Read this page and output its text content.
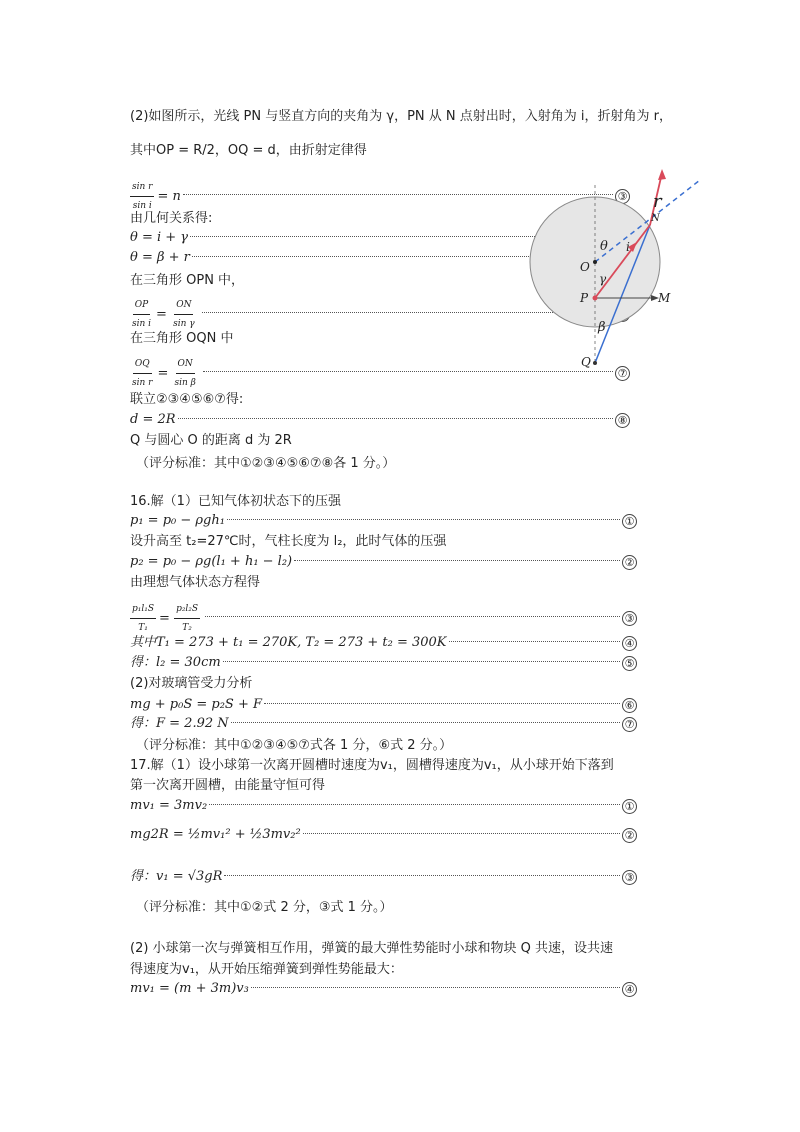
(2)如图所示，光线 PN 与竖直方向的夹角为 γ，PN 从 N 点射出时，入射角为 i，折射角为 r，
其中OP = R/2，OQ = d，由折射定律得
$\frac{\text{sin r}}{\text{sin i}} = n$	③
由几何关系得:
θ = i + γ
θ = β + r
在三角形 OPN 中，
$\frac{OP}{\text{sin i}} = \frac{ON}{\text{sin γ}}$
在三角形 OQN 中
$\frac{OQ}{\text{sin r}} = \frac{ON}{\text{sin β}}$	⑦
联立②③④⑤⑥⑦得:
d = 2R	⑧
Q 与圆心 O 的距离 d 为 2R
（评分标准：其中①②③④⑤⑥⑦⑧各 1 分。）
O
P
Q
M
N
θ
γ
β
i
r
16.解（1）已知气体初状态下的压强
p₁ = p₀ − ρgh₁	①
设升高至 t₂=27℃时，气柱长度为 l₂，此时气体的压强
p₂ = p₀ − ρg(l₁ + h₁ − l₂)	②
由理想气体状态方程得
$\frac{\text{p₁l₁S}}{\text{T₁}} = \frac{\text{p₂l₂S}}{\text{T₂}}$	③
其中T₁ = 273 + t₁ = 270K, T₂ = 273 + t₂ = 300K	④
得：l₂ = 30cm	⑤
(2)对玻璃管受力分析
mg + p₀S = p₂S + F	⑥
得：F = 2.92 N	⑦
（评分标准：其中①②③④⑤⑦式各 1 分，⑥式 2 分。）
17.解（1）设小球第一次离开圆槽时速度为v₁，圆槽得速度为v₁，从小球开始下落到
第一次离开圆槽，由能量守恒可得
mv₁ = 3mv₂	①
mg2R = ½mv₁² + ½3mv₂²	②
得：v₁ = √3gR	③
（评分标准：其中①②式 2 分，③式 1 分。）
(2) 小球第一次与弹簧相互作用，弹簧的最大弹性势能时小球和物块 Q 共速，设共速
得速度为v₁，从开始压缩弹簧到弹性势能最大：
mv₁ = (m + 3m)v₃	④
